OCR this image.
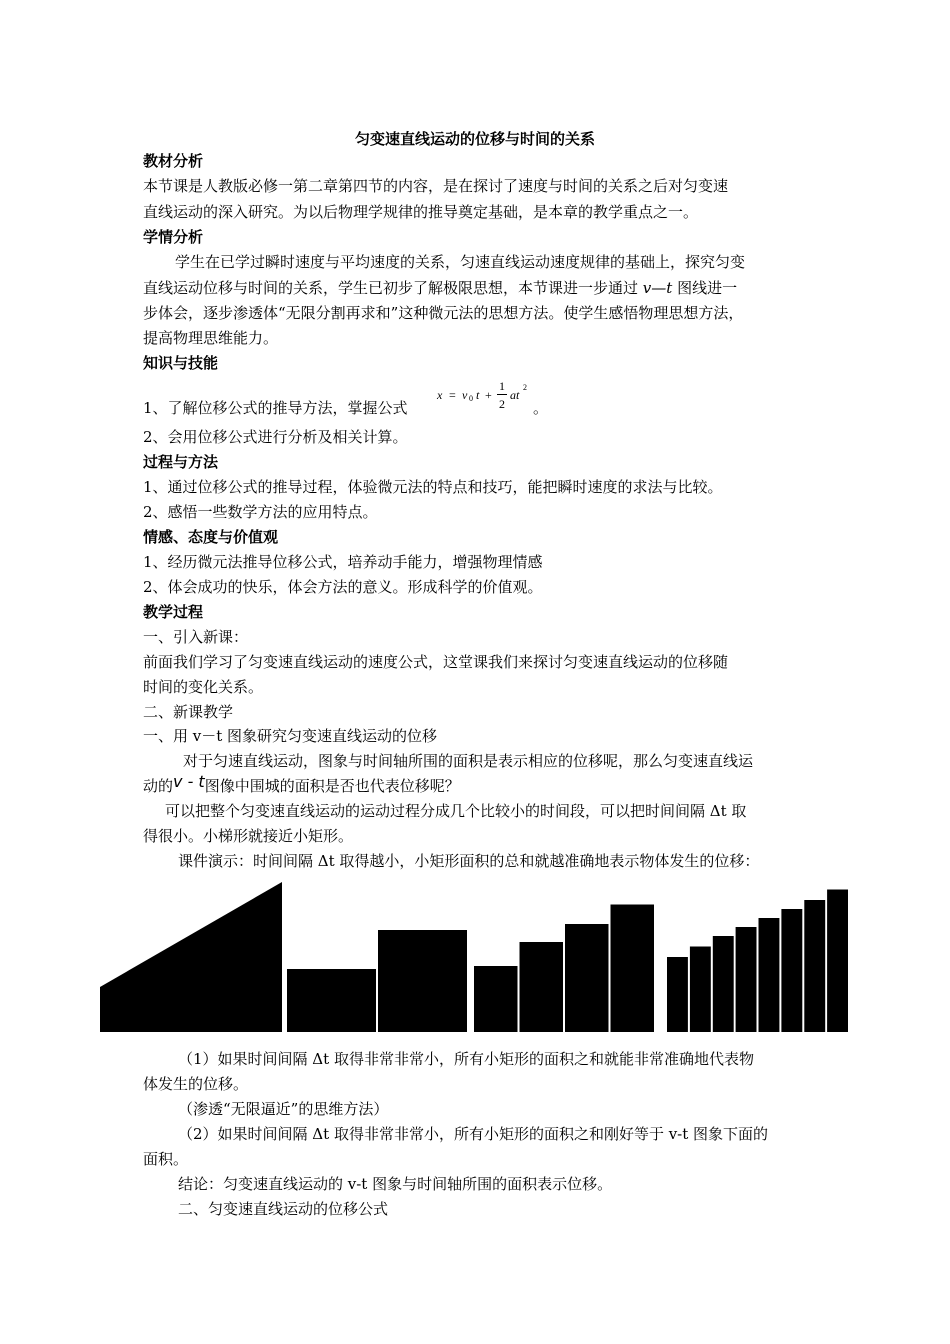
匀变速直线运动的位移与时间的关系
教材分析
本节课是人教版必修一第二章第四节的内容，是在探讨了速度与时间的关系之后对匀变速
直线运动的深入研究。为以后物理学规律的推导奠定基础，是本章的教学重点之一。
学情分析
学生在已学过瞬时速度与平均速度的关系，匀速直线运动速度规律的基础上，探究匀变
直线运动位移与时间的关系，学生已初步了解极限思想，本节课进一步通过 v—t 图线进一
步体会，逐步渗透体“无限分割再求和”这种微元法的思想方法。使学生感悟物理思想方法，
提高物理思维能力。
知识与技能
1、了解位移公式的推导方法，掌握公式
x = v 0 t +
1
2
at
2
。
2、会用位移公式进行分析及相关计算。
过程与方法
1、通过位移公式的推导过程，体验微元法的特点和技巧，能把瞬时速度的求法与比较。
2、感悟一些数学方法的应用特点。
情感、态度与价值观
1、经历微元法推导位移公式，培养动手能力，增强物理情感
2、体会成功的快乐，体会方法的意义。形成科学的价值观。
教学过程
一、引入新课：
前面我们学习了匀变速直线运动的速度公式，这堂课我们来探讨匀变速直线运动的位移随
时间的变化关系。
二、新课教学
一、用 v－t 图象研究匀变速直线运动的位移
对于匀速直线运动，图象与时间轴所围的面积是表示相应的位移呢，那么匀变速直线运
动的v - t图像中围城的面积是否也代表位移呢？
可以把整个匀变速直线运动的运动过程分成几个比较小的时间段，可以把时间间隔 Δt 取
得很小。小梯形就接近小矩形。
课件演示：时间间隔 Δt 取得越小，小矩形面积的总和就越准确地表示物体发生的位移：
（1）如果时间间隔 Δt 取得非常非常小，所有小矩形的面积之和就能非常准确地代表物
体发生的位移。
（渗透“无限逼近”的思维方法）
（2）如果时间间隔 Δt 取得非常非常小，所有小矩形的面积之和刚好等于 v-t 图象下面的
面积。
结论：匀变速直线运动的 v-t 图象与时间轴所围的面积表示位移。
二、匀变速直线运动的位移公式
